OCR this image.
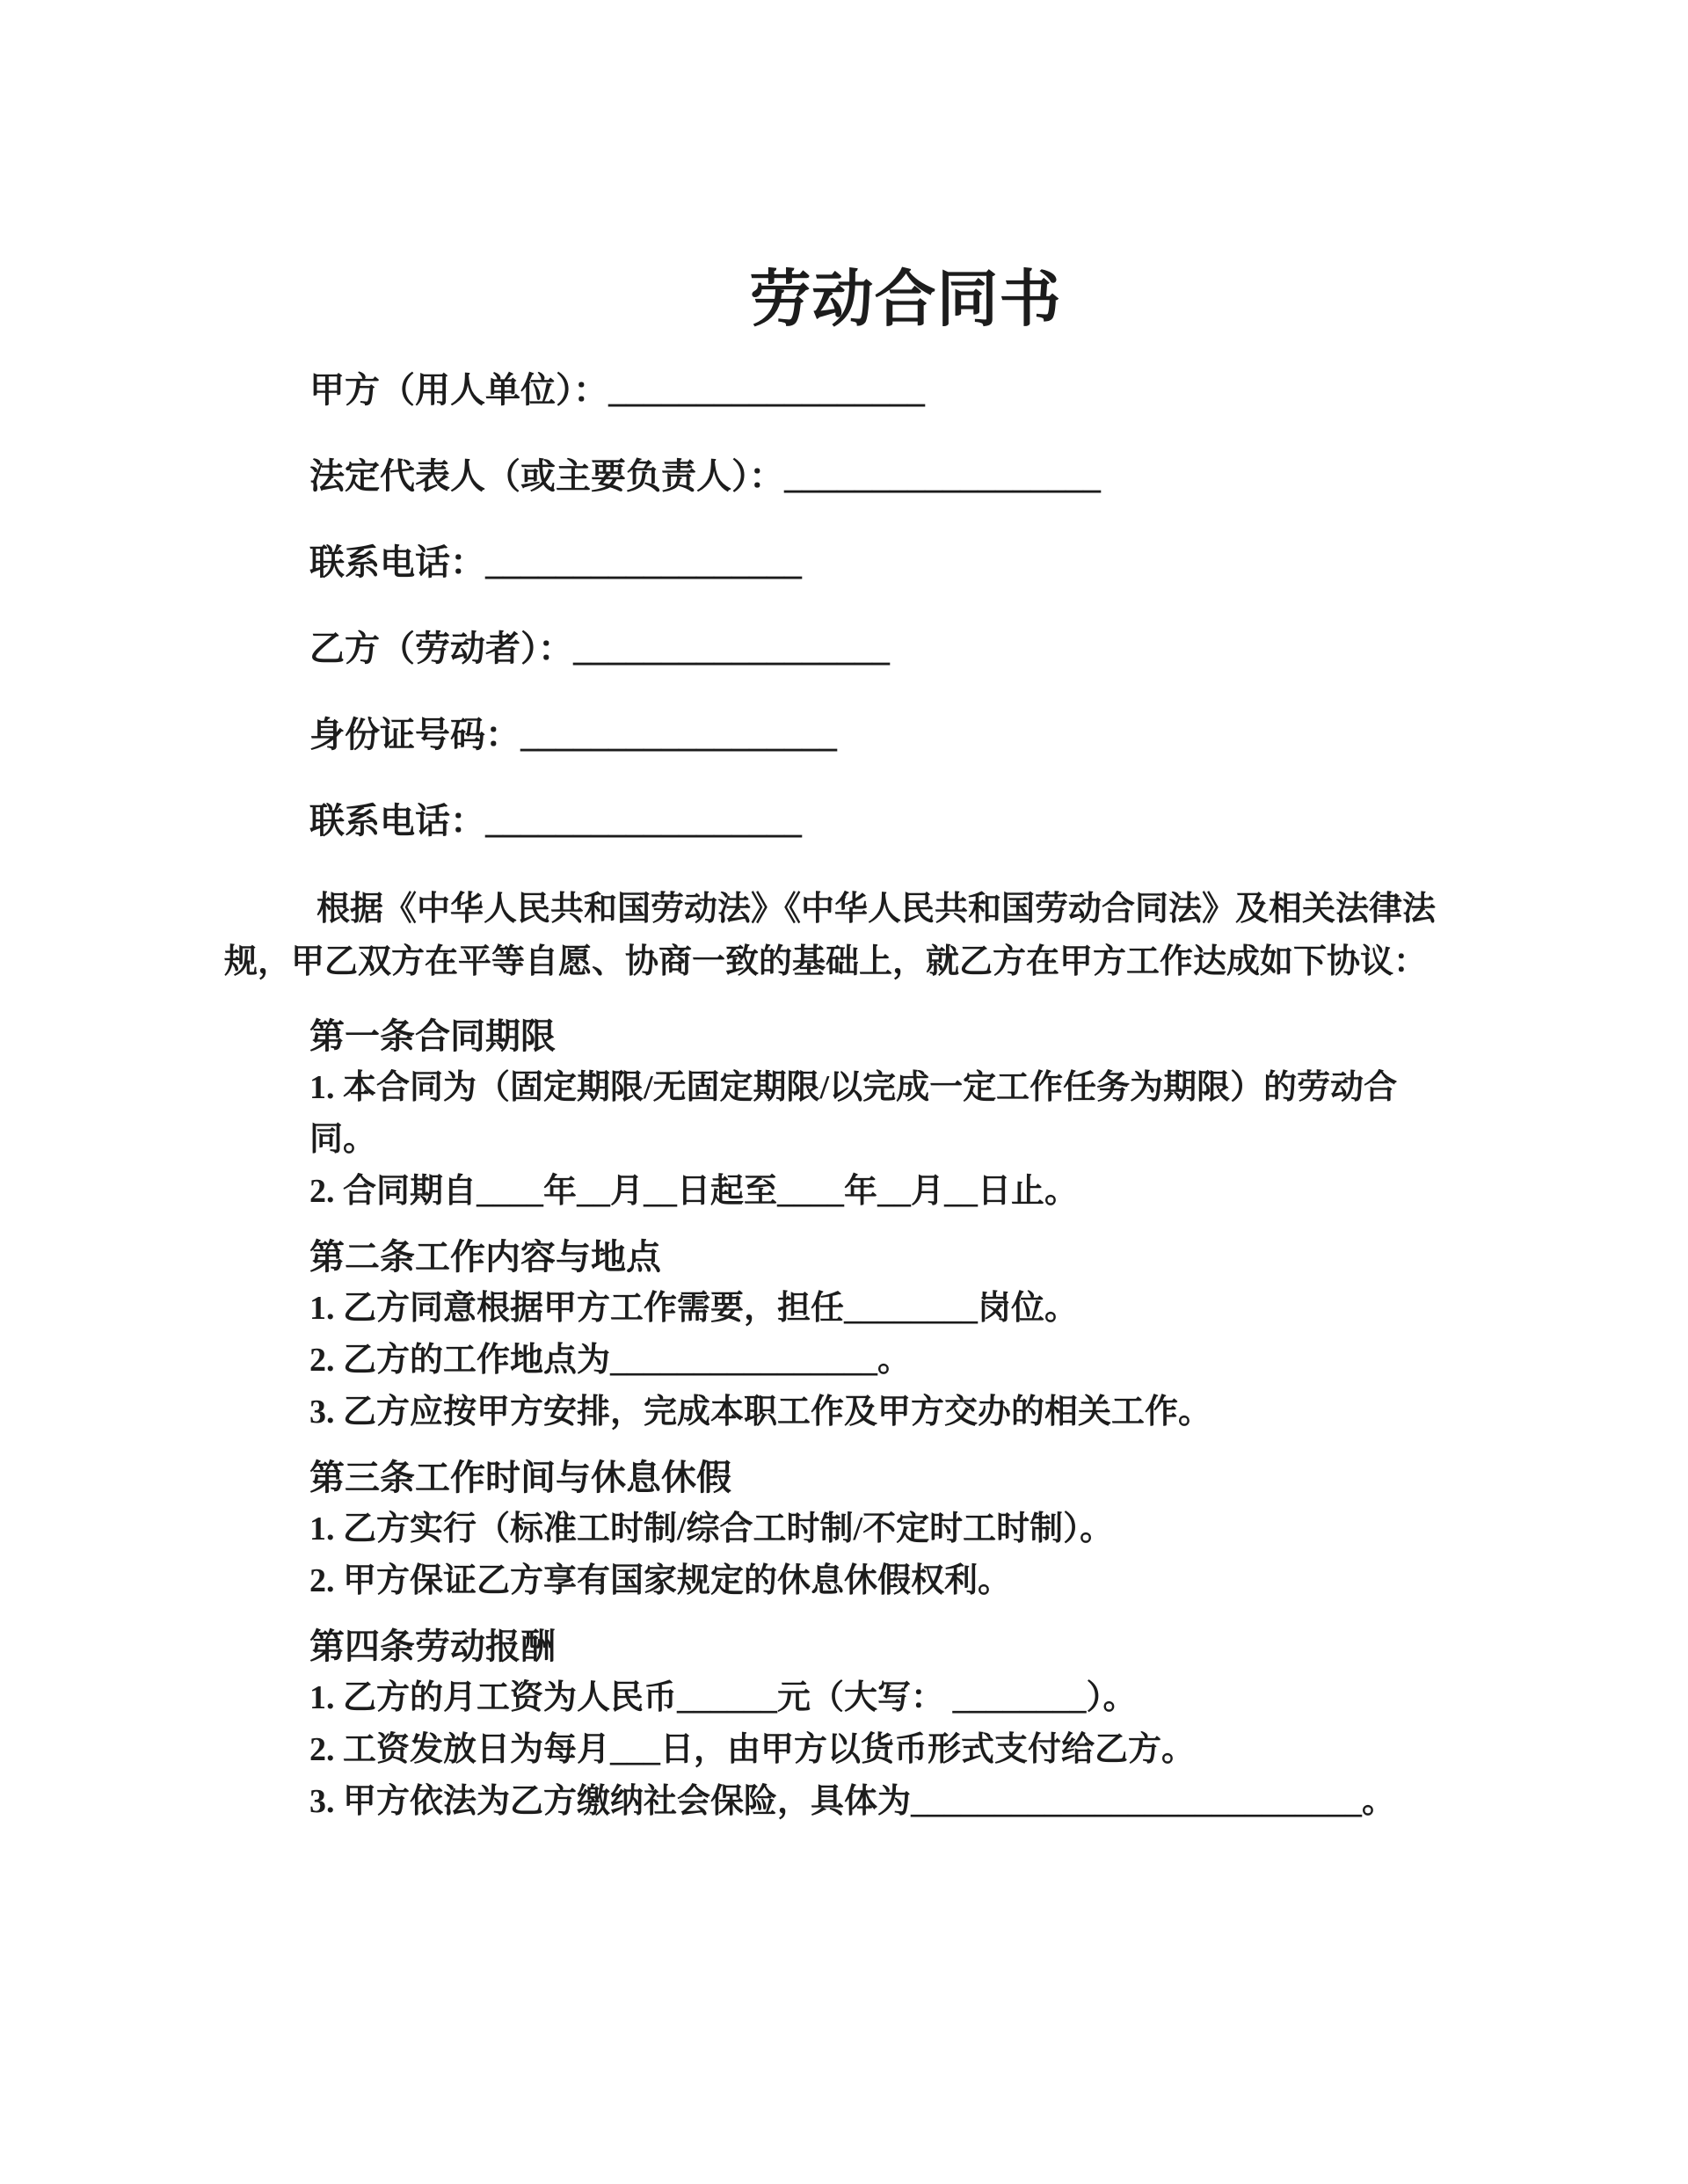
劳动合同书

甲方（用人单位）：__________________

法定代表人（或主要负责人）：__________________

联系电话：__________________

乙方（劳动者）：__________________

身份证号码：__________________

联系电话：__________________

根据《中华人民共和国劳动法》《中华人民共和国劳动合同法》及相关法律法规，甲乙双方在平等自愿、协商一致的基础上，就乙方在甲方工作达成如下协议：

第一条合同期限

1. 本合同为（固定期限/无固定期限/以完成一定工作任务为期限）的劳动合同。

2. 合同期自____年__月__日起至____年__月__日止。

第二条工作内容与地点

1. 乙方同意根据甲方工作需要，担任________岗位。

2. 乙方的工作地点为________________。

3. 乙方应按甲方安排，完成本职工作及甲方交办的相关工作。

第三条工作时间与休息休假

1. 乙方实行（标准工时制/综合工时制/不定时工时制）。

2. 甲方保证乙方享有国家规定的休息休假权利。

第四条劳动报酬

1. 乙方的月工资为人民币______元（大写： ________）。

2. 工资发放日为每月___日，由甲方以货币形式支付给乙方。

3. 甲方依法为乙方缴纳社会保险，具体为___________________________。
